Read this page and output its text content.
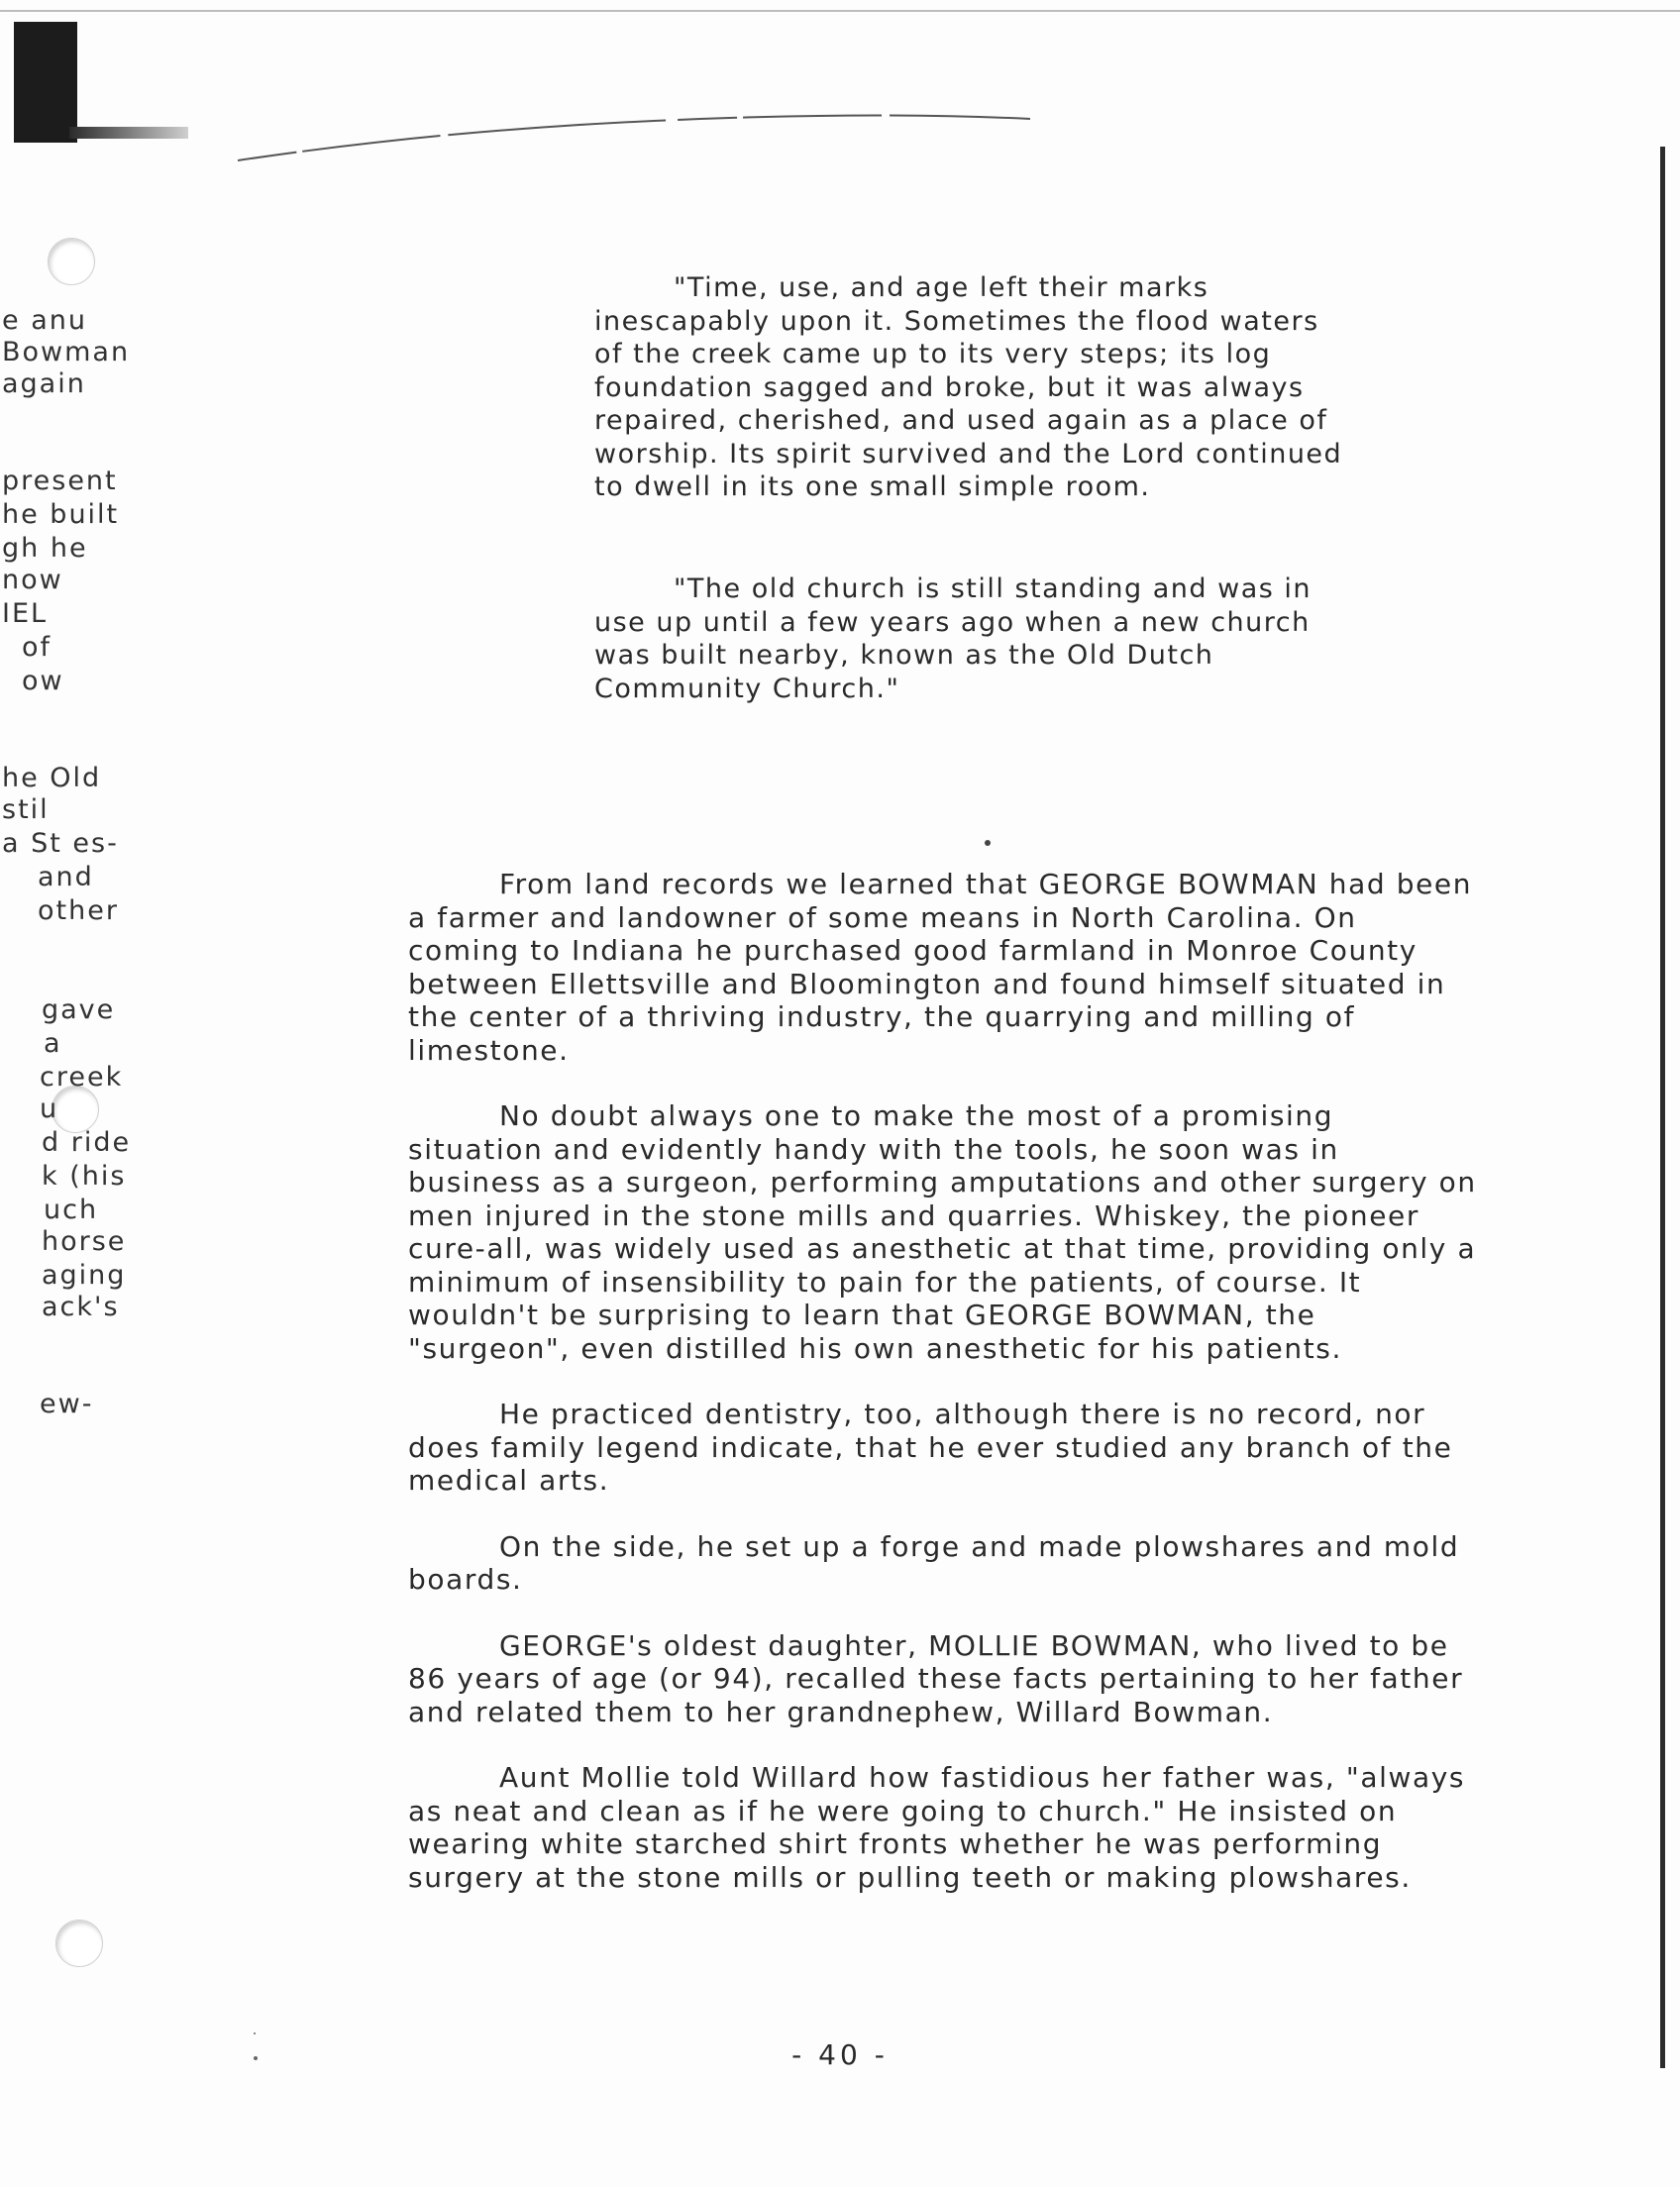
e anu
Bowman
again
present
he built
gh he
now
IEL
of
ow
he Old
stil
a St es-
and
other
gave
a
creek
u
d ride
k (his
uch
horse
aging
ack's
ew-

"Time, use, and age left their marks inescapably upon it. Sometimes the flood waters of the creek came up to its very steps; its log foundation sagged and broke, but it was always repaired, cherished, and used again as a place of worship. Its spirit survived and the Lord continued to dwell in its one small simple room.

"The old church is still standing and was in use up until a few years ago when a new church was built nearby, known as the Old Dutch Community Church."

From land records we learned that GEORGE BOWMAN had been a farmer and landowner of some means in North Carolina. On coming to Indiana he purchased good farmland in Monroe County between Ellettsville and Bloomington and found himself situated in the center of a thriving industry, the quarrying and milling of limestone.

No doubt always one to make the most of a promising situation and evidently handy with the tools, he soon was in business as a surgeon, performing amputations and other surgery on men injured in the stone mills and quarries. Whiskey, the pioneer cure-all, was widely used as anesthetic at that time, providing only a minimum of insensibility to pain for the patients, of course. It wouldn't be surprising to learn that GEORGE BOWMAN, the "surgeon", even distilled his own anesthetic for his patients.

He practiced dentistry, too, although there is no record, nor does family legend indicate, that he ever studied any branch of the medical arts.

On the side, he set up a forge and made plowshares and mold boards.

GEORGE's oldest daughter, MOLLIE BOWMAN, who lived to be 86 years of age (or 94), recalled these facts pertaining to her father and related them to her grandnephew, Willard Bowman.

Aunt Mollie told Willard how fastidious her father was, "always as neat and clean as if he were going to church." He insisted on wearing white starched shirt fronts whether he was performing surgery at the stone mills or pulling teeth or making plowshares.

- 40 -
